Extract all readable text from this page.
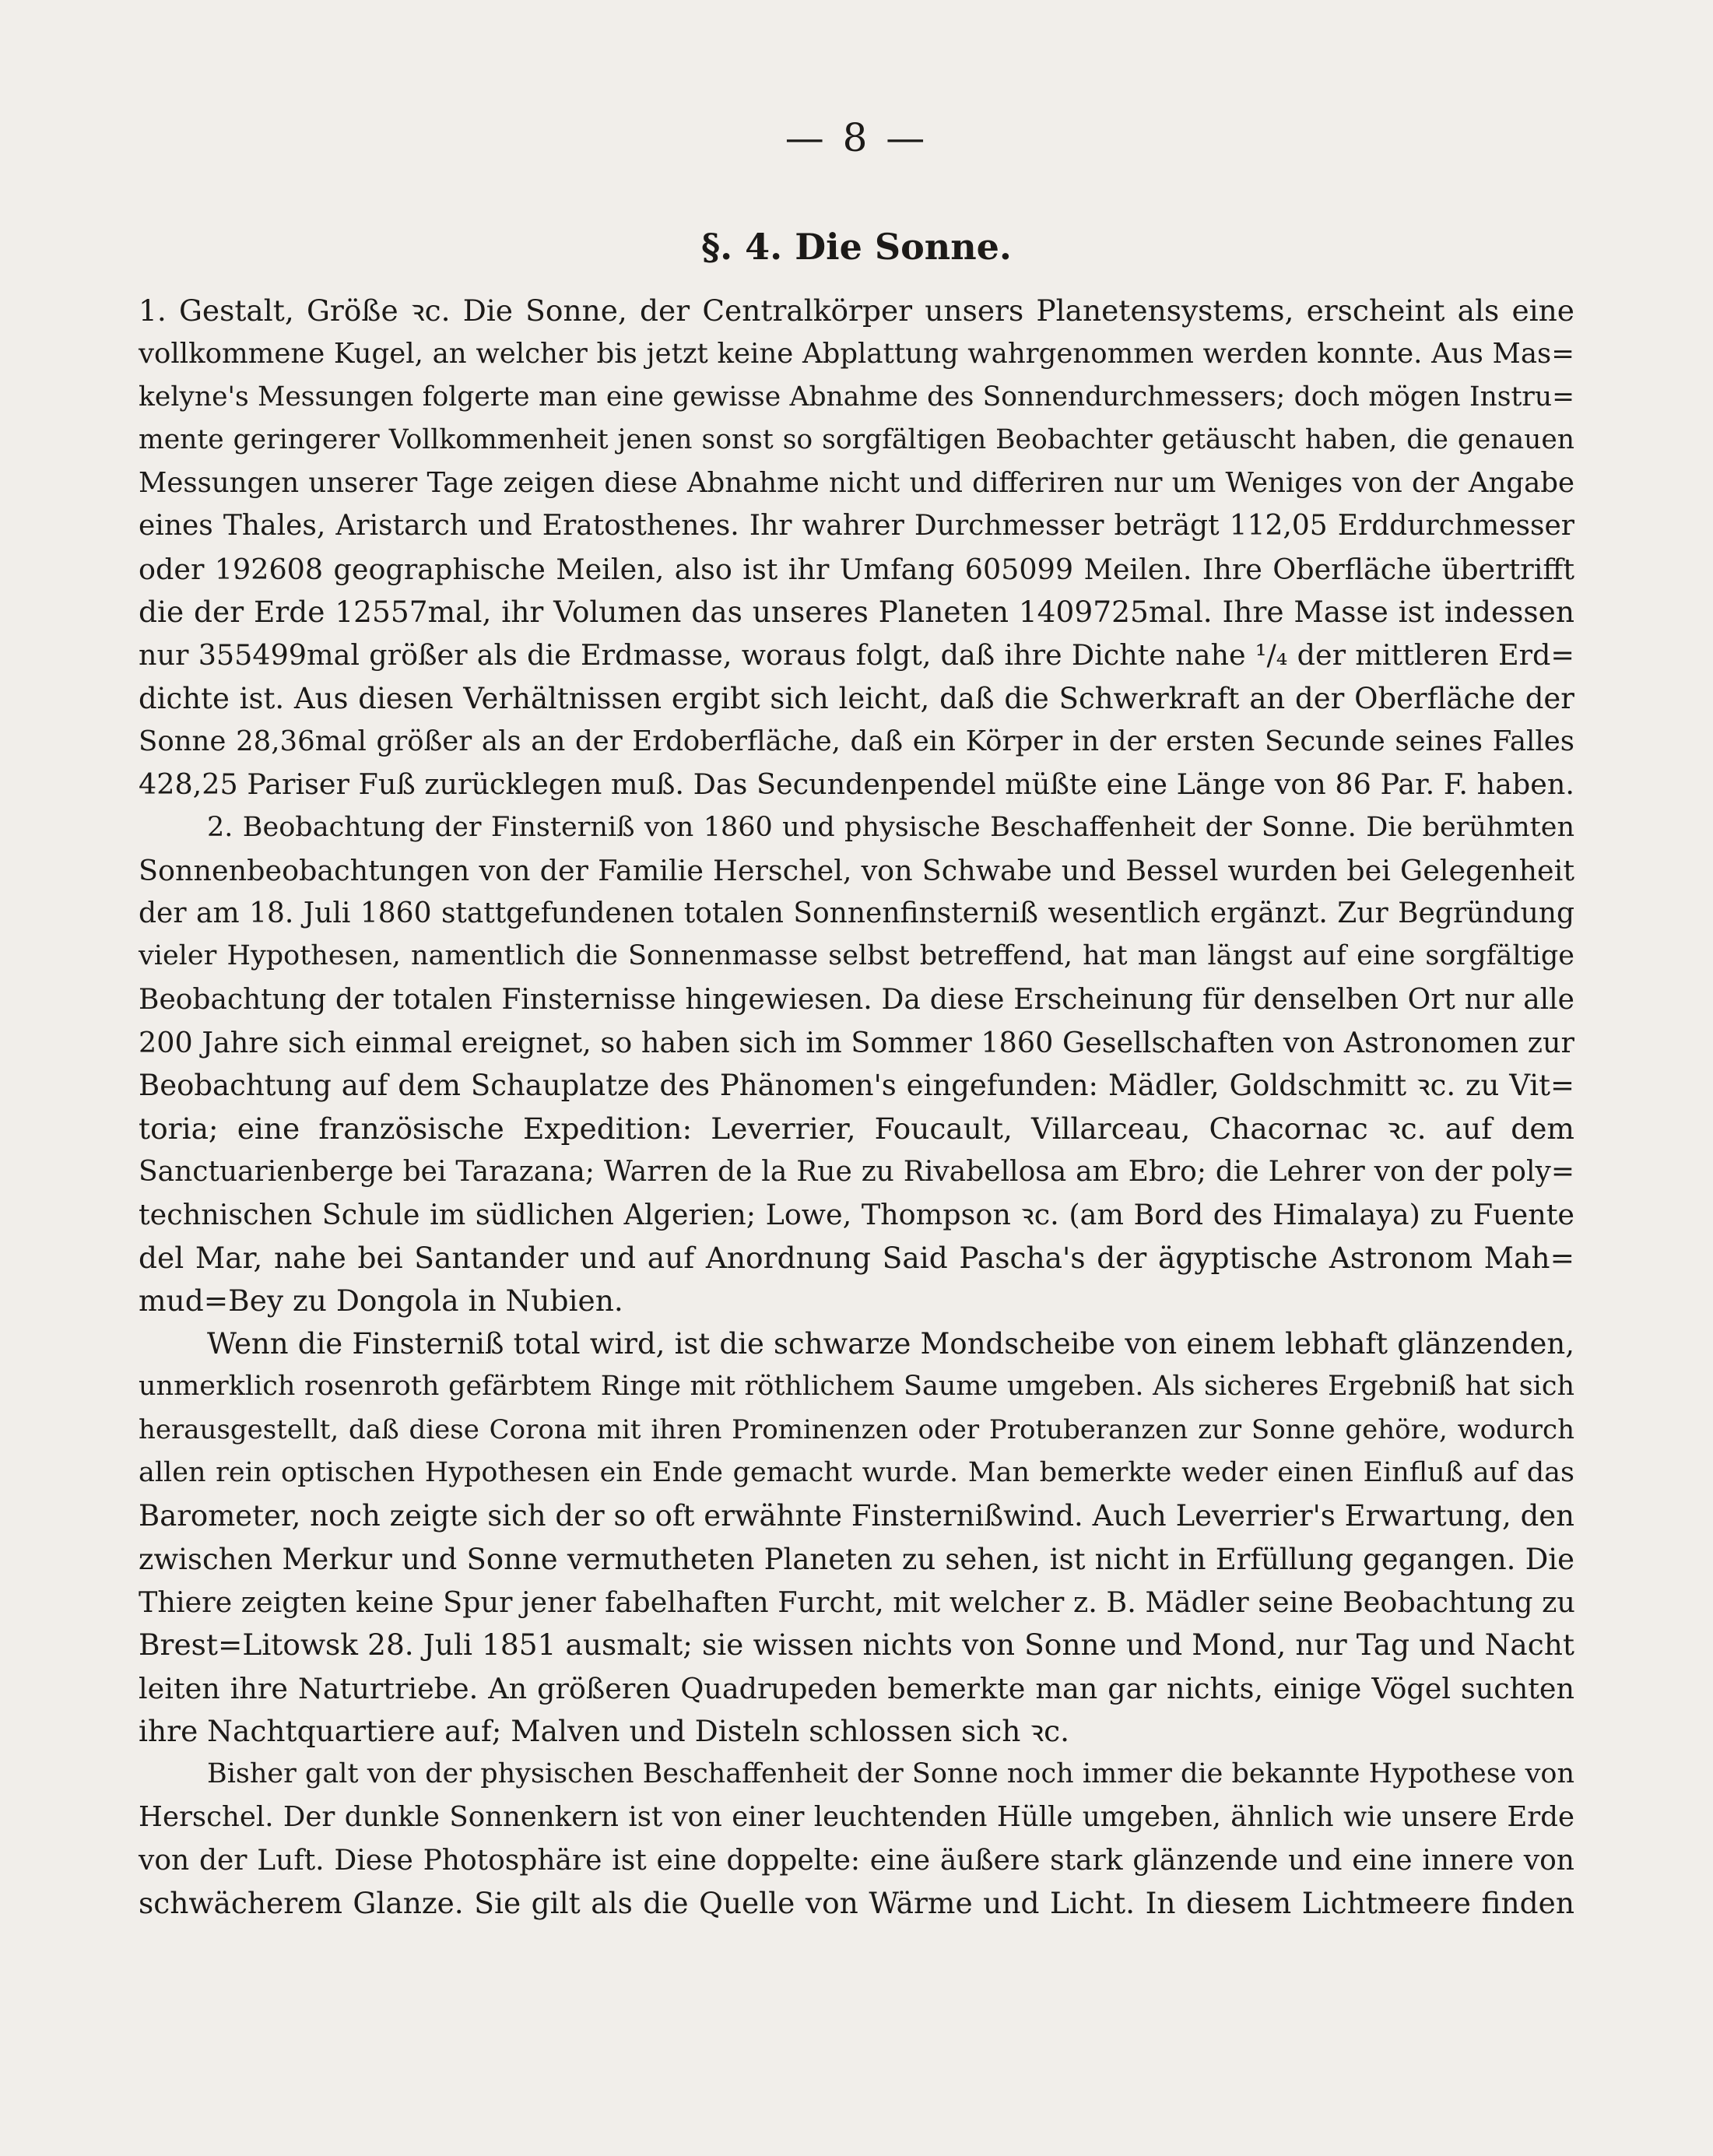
— 8 —
§. 4. Die Sonne.
1. Gestalt, Größe ꝛc. Die Sonne, der Centralkörper unsers Planetensystems, erscheint als eine
vollkommene Kugel, an welcher bis jetzt keine Abplattung wahrgenommen werden konnte. Aus Mas=
kelyne's Messungen folgerte man eine gewisse Abnahme des Sonnendurchmessers; doch mögen Instru=
mente geringerer Vollkommenheit jenen sonst so sorgfältigen Beobachter getäuscht haben, die genauen
Messungen unserer Tage zeigen diese Abnahme nicht und differiren nur um Weniges von der Angabe
eines Thales, Aristarch und Eratosthenes. Ihr wahrer Durchmesser beträgt 112,05 Erddurchmesser
oder 192608 geographische Meilen, also ist ihr Umfang 605099 Meilen. Ihre Oberfläche übertrifft
die der Erde 12557mal, ihr Volumen das unseres Planeten 1409725mal. Ihre Masse ist indessen
nur 355499mal größer als die Erdmasse, woraus folgt, daß ihre Dichte nahe ¹/₄ der mittleren Erd=
dichte ist. Aus diesen Verhältnissen ergibt sich leicht, daß die Schwerkraft an der Oberfläche der
Sonne 28,36mal größer als an der Erdoberfläche, daß ein Körper in der ersten Secunde seines Falles
428,25 Pariser Fuß zurücklegen muß. Das Secundenpendel müßte eine Länge von 86 Par. F. haben.
2. Beobachtung der Finsterniß von 1860 und physische Beschaffenheit der Sonne. Die berühmten
Sonnenbeobachtungen von der Familie Herschel, von Schwabe und Bessel wurden bei Gelegenheit
der am 18. Juli 1860 stattgefundenen totalen Sonnenfinsterniß wesentlich ergänzt. Zur Begründung
vieler Hypothesen, namentlich die Sonnenmasse selbst betreffend, hat man längst auf eine sorgfältige
Beobachtung der totalen Finsternisse hingewiesen. Da diese Erscheinung für denselben Ort nur alle
200 Jahre sich einmal ereignet, so haben sich im Sommer 1860 Gesellschaften von Astronomen zur
Beobachtung auf dem Schauplatze des Phänomen's eingefunden: Mädler, Goldschmitt ꝛc. zu Vit=
toria; eine französische Expedition: Leverrier, Foucault, Villarceau, Chacornac ꝛc. auf dem
Sanctuarienberge bei Tarazana; Warren de la Rue zu Rivabellosa am Ebro; die Lehrer von der poly=
technischen Schule im südlichen Algerien; Lowe, Thompson ꝛc. (am Bord des Himalaya) zu Fuente
del Mar, nahe bei Santander und auf Anordnung Said Pascha's der ägyptische Astronom Mah=
mud=Bey zu Dongola in Nubien.
Wenn die Finsterniß total wird, ist die schwarze Mondscheibe von einem lebhaft glänzenden,
unmerklich rosenroth gefärbtem Ringe mit röthlichem Saume umgeben. Als sicheres Ergebniß hat sich
herausgestellt, daß diese Corona mit ihren Prominenzen oder Protuberanzen zur Sonne gehöre, wodurch
allen rein optischen Hypothesen ein Ende gemacht wurde. Man bemerkte weder einen Einfluß auf das
Barometer, noch zeigte sich der so oft erwähnte Finsternißwind. Auch Leverrier's Erwartung, den
zwischen Merkur und Sonne vermutheten Planeten zu sehen, ist nicht in Erfüllung gegangen. Die
Thiere zeigten keine Spur jener fabelhaften Furcht, mit welcher z. B. Mädler seine Beobachtung zu
Brest=Litowsk 28. Juli 1851 ausmalt; sie wissen nichts von Sonne und Mond, nur Tag und Nacht
leiten ihre Naturtriebe. An größeren Quadrupeden bemerkte man gar nichts, einige Vögel suchten
ihre Nachtquartiere auf; Malven und Disteln schlossen sich ꝛc.
Bisher galt von der physischen Beschaffenheit der Sonne noch immer die bekannte Hypothese von
Herschel. Der dunkle Sonnenkern ist von einer leuchtenden Hülle umgeben, ähnlich wie unsere Erde
von der Luft. Diese Photosphäre ist eine doppelte: eine äußere stark glänzende und eine innere von
schwächerem Glanze. Sie gilt als die Quelle von Wärme und Licht. In diesem Lichtmeere finden
